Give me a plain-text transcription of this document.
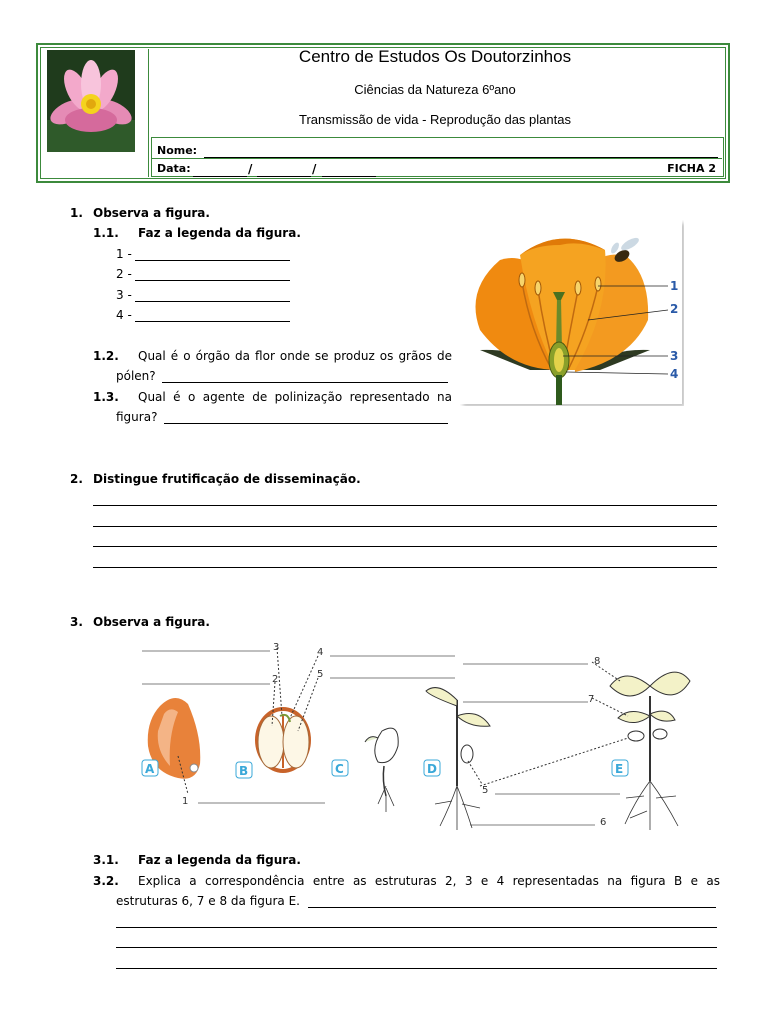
Centro de Estudos Os Doutorzinhos
Ciências da Natureza 6ºano
Transmissão de vida - Reprodução das plantas
Nome:
Data:	/	/	FICHA 2
1. Observa a figura.
1.1. Faz a legenda da figura.
1 -
2 -
3 -
4 -
1.2. Qual é o órgão da flor onde se produz os grãos de
pólen?
1.3. Qual é o agente de polinização representado na
figura?
1
2
3
4
2. Distingue frutificação de disseminação.
3. Observa a figura.
A	B	C	D	E
1
2
3	4
5
5
6
7
8
3.1. Faz a legenda da figura.
3.2. Explica a correspondência entre as estruturas 2, 3 e 4 representadas na figura B e as
estruturas 6, 7 e 8 da figura E.
